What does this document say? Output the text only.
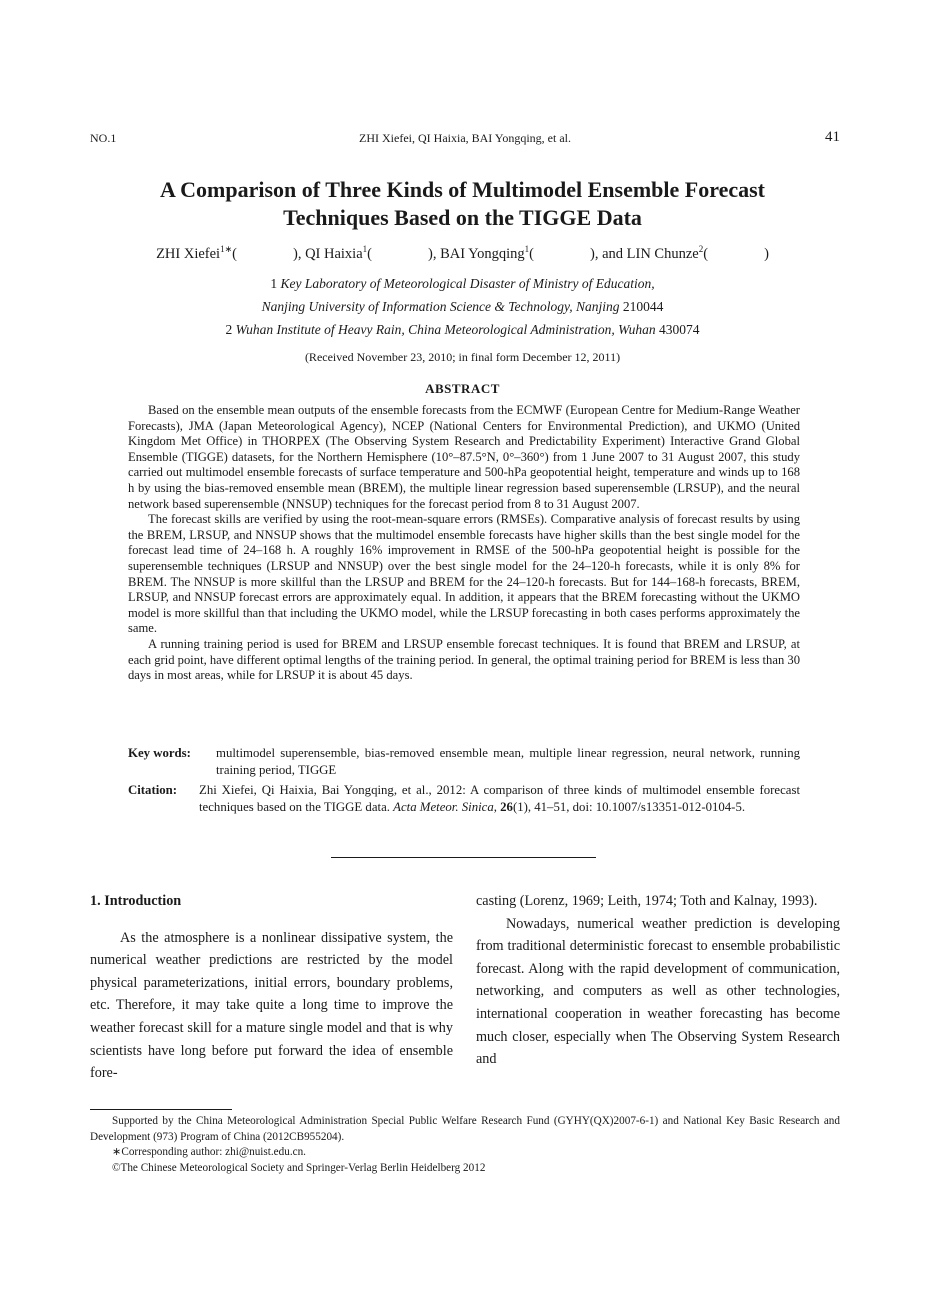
NO.1	ZHI Xiefei, QI Haixia, BAI Yongqing, et al.	41
A Comparison of Three Kinds of Multimodel Ensemble Forecast
Techniques Based on the TIGGE Data
ZHI Xiefei$^{1∗}$(	), QI Haixia$^1$(	), BAI Yongqing$^1$(	), and LIN Chunze$^2$(	)
1 Key Laboratory of Meteorological Disaster of Ministry of Education,
Nanjing University of Information Science & Technology, Nanjing 210044
2 Wuhan Institute of Heavy Rain, China Meteorological Administration, Wuhan 430074
(Received November 23, 2010; in final form December 12, 2011)
ABSTRACT

Based on the ensemble mean outputs of the ensemble forecasts from the ECMWF (European Centre for Medium-Range Weather Forecasts), JMA (Japan Meteorological Agency), NCEP (National Centers for Environmental Prediction), and UKMO (United Kingdom Met Office) in THORPEX (The Observing System Research and Predictability Experiment) Interactive Grand Global Ensemble (TIGGE) datasets, for the Northern Hemisphere (10°–87.5°N, 0°–360°) from 1 June 2007 to 31 August 2007, this study carried out multimodel ensemble forecasts of surface temperature and 500-hPa geopotential height, temperature and winds up to 168 h by using the bias-removed ensemble mean (BREM), the multiple linear regression based superensemble (LRSUP), and the neural network based superensemble (NNSUP) techniques for the forecast period from 8 to 31 August 2007.

The forecast skills are verified by using the root-mean-square errors (RMSEs). Comparative analysis of forecast results by using the BREM, LRSUP, and NNSUP shows that the multimodel ensemble forecasts have higher skills than the best single model for the forecast lead time of 24–168 h. A roughly 16% improvement in RMSE of the 500-hPa geopotential height is possible for the superensemble techniques (LRSUP and NNSUP) over the best single model for the 24–120-h forecasts, while it is only 8% for BREM. The NNSUP is more skillful than the LRSUP and BREM for the 24–120-h forecasts. But for 144–168-h forecasts, BREM, LRSUP, and NNSUP forecast errors are approximately equal. In addition, it appears that the BREM forecasting without the UKMO model is more skillful than that including the UKMO model, while the LRSUP forecasting in both cases performs approximately the same.

A running training period is used for BREM and LRSUP ensemble forecast techniques. It is found that BREM and LRSUP, at each grid point, have different optimal lengths of the training period. In general, the optimal training period for BREM is less than 30 days in most areas, while for LRSUP it is about 45 days.

Key words: multimodel superensemble, bias-removed ensemble mean, multiple linear regression, neural network, running training period, TIGGE
Citation: Zhi Xiefei, Qi Haixia, Bai Yongqing, et al., 2012: A comparison of three kinds of multimodel ensemble forecast techniques based on the TIGGE data. Acta Meteor. Sinica, 26(1), 41–51, doi: 10.1007/s13351-012-0104-5.
1. Introduction

As the atmosphere is a nonlinear dissipative system, the numerical weather predictions are restricted by the model physical parameterizations, initial errors, boundary problems, etc. Therefore, it may take quite a long time to improve the weather forecast skill for a mature single model and that is why scientists have long before put forward the idea of ensemble fore-

casting (Lorenz, 1969; Leith, 1974; Toth and Kalnay, 1993).

Nowadays, numerical weather prediction is developing from traditional deterministic forecast to ensemble probabilistic forecast. Along with the rapid development of communication, networking, and computers as well as other technologies, international cooperation in weather forecasting has become much closer, especially when The Observing System Research and

Supported by the China Meteorological Administration Special Public Welfare Research Fund (GYHY(QX)2007-6-1) and National Key Basic Research and Development (973) Program of China (2012CB955204).

∗Corresponding author: zhi@nuist.edu.cn.

©The Chinese Meteorological Society and Springer-Verlag Berlin Heidelberg 2012
